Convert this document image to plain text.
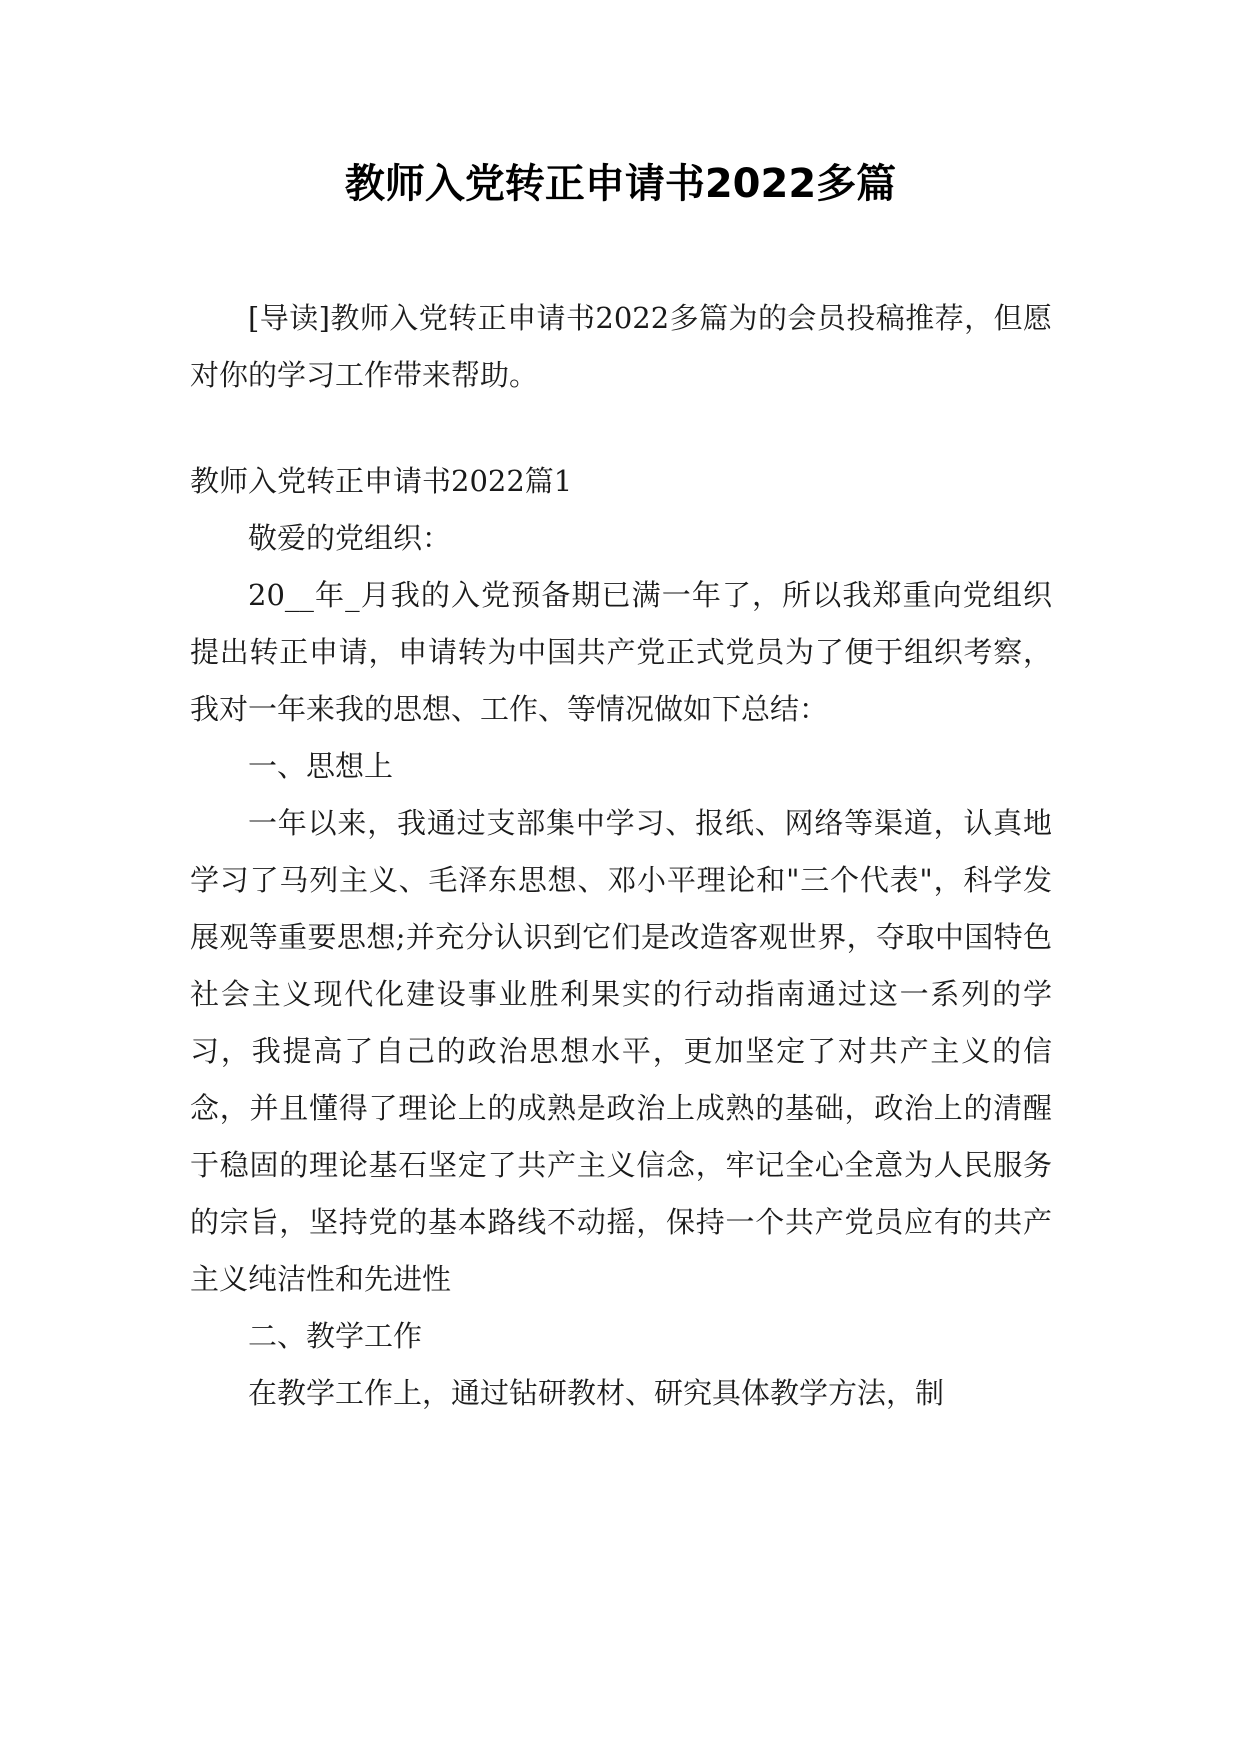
教师入党转正申请书2022多篇

[导读]教师入党转正申请书2022多篇为的会员投稿推荐，但愿对你的学习工作带来帮助。

教师入党转正申请书2022篇1

敬爱的党组织：

20__年_月我的入党预备期已满一年了，所以我郑重向党组织提出转正申请，申请转为中国共产党正式党员为了便于组织考察，我对一年来我的思想、工作、等情况做如下总结：

一、思想上

一年以来，我通过支部集中学习、报纸、网络等渠道，认真地学习了马列主义、毛泽东思想、邓小平理论和"三个代表"，科学发展观等重要思想;并充分认识到它们是改造客观世界，夺取中国特色社会主义现代化建设事业胜利果实的行动指南通过这一系列的学习，我提高了自己的政治思想水平，更加坚定了对共产主义的信念，并且懂得了理论上的成熟是政治上成熟的基础，政治上的清醒于稳固的理论基石坚定了共产主义信念，牢记全心全意为人民服务的宗旨，坚持党的基本路线不动摇，保持一个共产党员应有的共产主义纯洁性和先进性

二、教学工作

在教学工作上，通过钻研教材、研究具体教学方法，制
